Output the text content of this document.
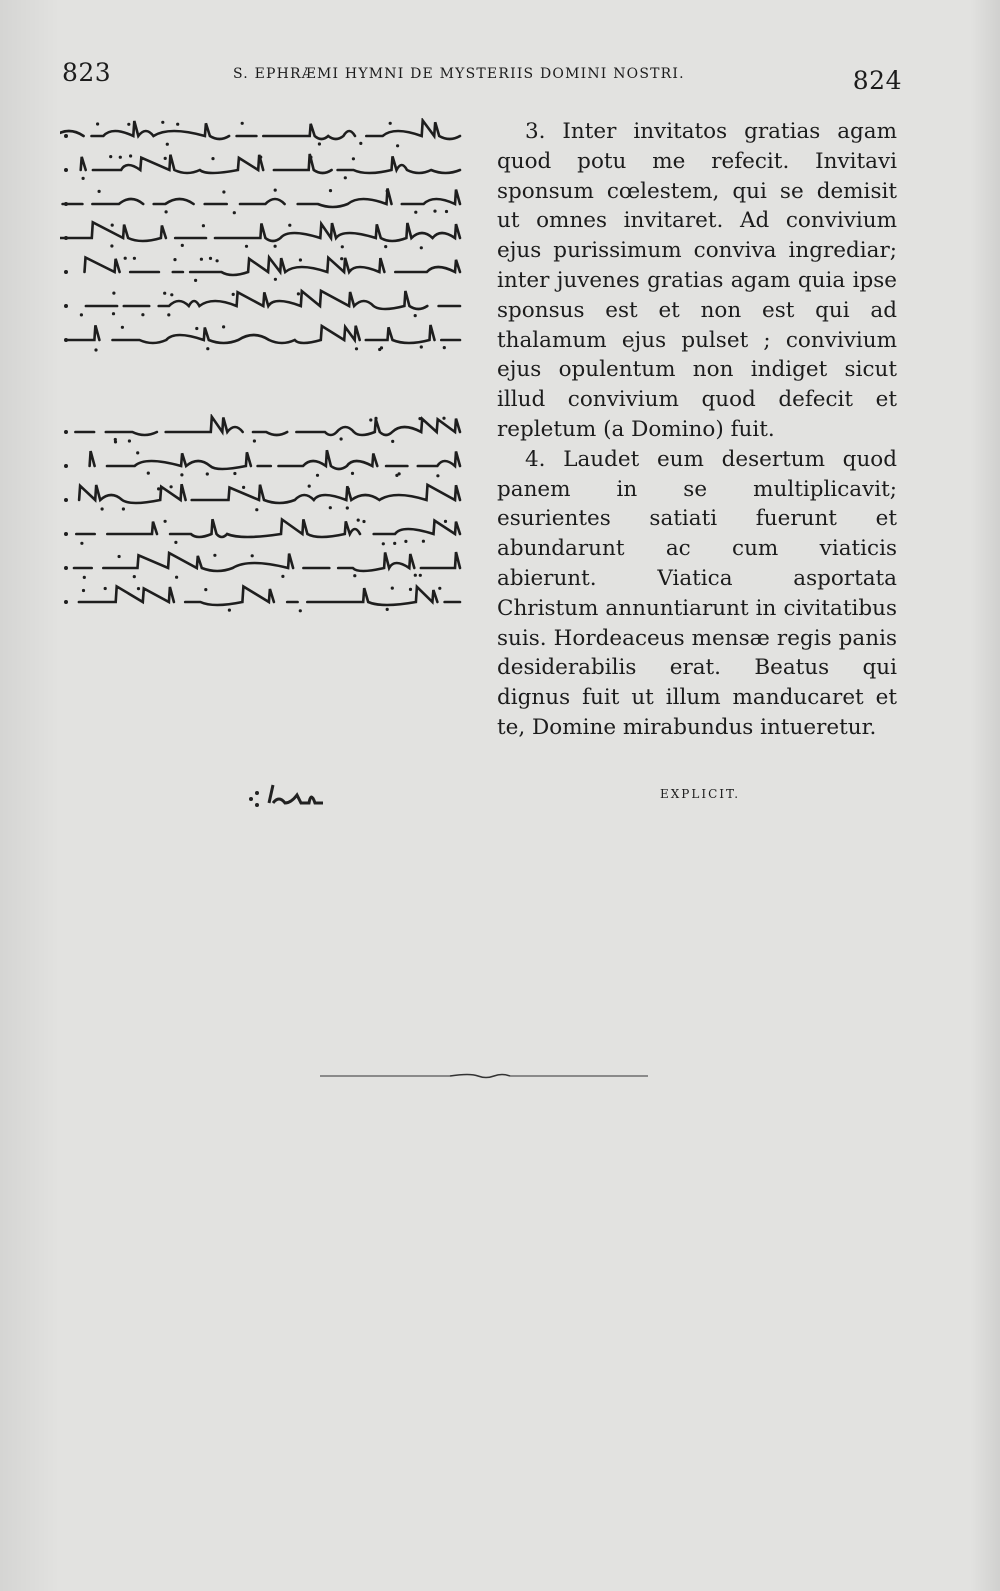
823	S. EPHRÆMI HYMNI DE MYSTERIIS DOMINI NOSTRI.	824

3. Inter invitatos gratias agam quod potu me refecit. Invitavi sponsum cœlestem, qui se demisit ut omnes invitaret. Ad convivium ejus purissimum conviva ingrediar; inter juvenes gratias agam quia ipse sponsus est et non est qui ad thalamum ejus pulset ; convivium ejus opulentum non indiget sicut illud convivium quod defecit et repletum (a Domino) fuit.

4. Laudet eum desertum quod panem in se multiplicavit; esurientes satiati fuerunt et abundarunt ac cum viaticis abierunt. Viatica asportata Christum annuntiarunt in civitatibus suis. Hordeaceus mensæ regis panis desiderabilis erat. Beatus qui dignus fuit ut illum manducaret et te, Domine mirabundus intueretur.

EXPLICIT.
